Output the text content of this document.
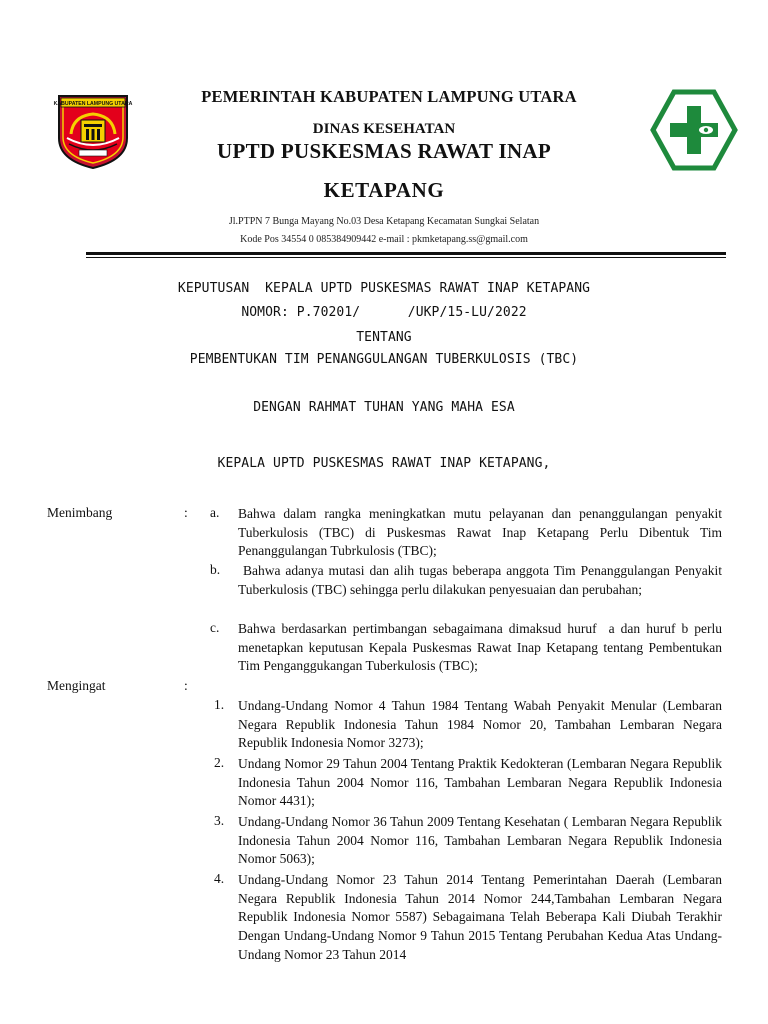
KABUPATEN LAMPUNG UTARA	PEMERINTAH KABUPATEN LAMPUNG UTARA
DINAS KESEHATAN
UPTD PUSKESMAS RAWAT INAP
KETAPANG
Jl.PTPN 7 Bunga Mayang No.03 Desa Ketapang Kecamatan Sungkai Selatan
Kode Pos 34554 0 085384909442 e-mail : pkmketapang.ss@gmail.com
KEPUTUSAN  KEPALA UPTD PUSKESMAS RAWAT INAP KETAPANG
NOMOR: P.70201/      /UKP/15-LU/2022
TENTANG
PEMBENTUKAN TIM PENANGGULANGAN TUBERKULOSIS (TBC)
DENGAN RAHMAT TUHAN YANG MAHA ESA
KEPALA UPTD PUSKESMAS RAWAT INAP KETAPANG,
Menimbang	: a. Bahwa dalam rangka meningkatkan mutu pelayanan dan penanggulangan penyakit Tuberkulosis (TBC) di Puskesmas Rawat Inap Ketapang Perlu Dibentuk Tim Penanggulangan Tubrkulosis (TBC);
b. Bahwa adanya mutasi dan alih tugas beberapa anggota Tim Penanggulangan Penyakit Tuberkulosis (TBC) sehingga perlu dilakukan penyesuaian dan perubahan;
c. Bahwa berdasarkan pertimbangan sebagaimana dimaksud huruf  a dan huruf b perlu menetapkan keputusan Kepala Puskesmas Rawat Inap Ketapang tentang Pembentukan Tim Penganggukangan Tuberkulosis (TBC);
Mengingat	:
1. Undang-Undang Nomor 4 Tahun 1984 Tentang Wabah Penyakit Menular (Lembaran Negara Republik Indonesia Tahun 1984 Nomor 20, Tambahan Lembaran Negara Republik Indonesia Nomor 3273);
2. Undang Nomor 29 Tahun 2004 Tentang Praktik Kedokteran (Lembaran Negara Republik Indonesia Tahun 2004 Nomor 116, Tambahan Lembaran Negara Republik Indonesia Nomor 4431);
3. Undang-Undang Nomor 36 Tahun 2009 Tentang Kesehatan ( Lembaran Negara Republik Indonesia Tahun 2004 Nomor 116, Tambahan Lembaran Negara Republik Indonesia Nomor 5063);
4. Undang-Undang Nomor 23 Tahun 2014 Tentang Pemerintahan Daerah (Lembaran Negara Republik Indonesia Tahun 2014 Nomor 244,Tambahan Lembaran Negara Republik Indonesia Nomor 5587) Sebagaimana Telah Beberapa Kali Diubah Terakhir Dengan Undang-Undang Nomor 9 Tahun 2015 Tentang Perubahan Kedua Atas Undang-Undang Nomor 23 Tahun 2014
